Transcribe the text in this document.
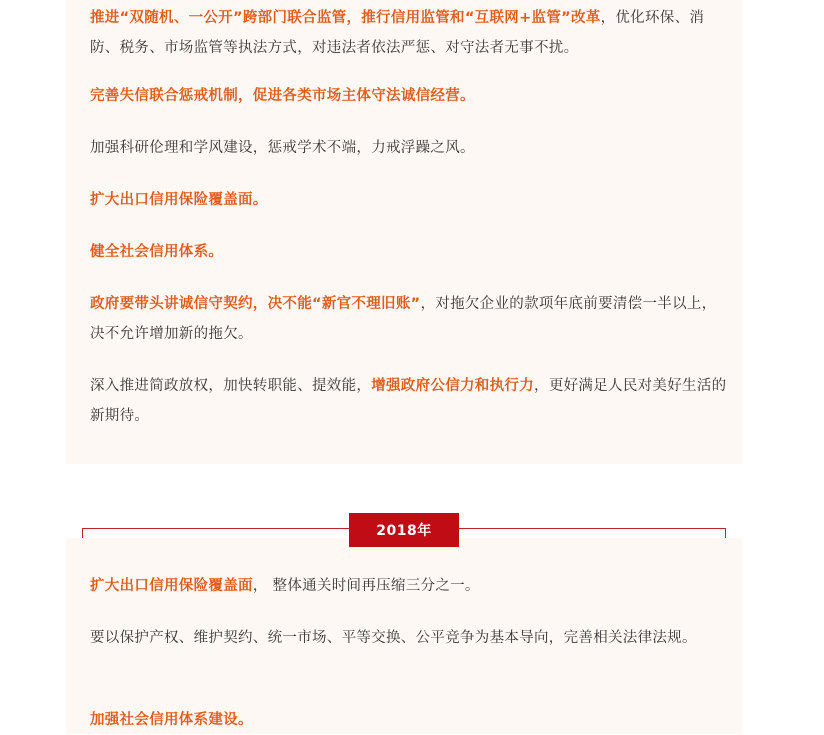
推进“双随机、一公开”跨部门联合监管，推行信用监管和“互联网+监管”改革，优化环保、消防、税务、市场监管等执法方式，对违法者依法严惩、对守法者无事不扰。
完善失信联合惩戒机制，促进各类市场主体守法诚信经营。
加强科研伦理和学风建设，惩戒学术不端，力戒浮躁之风。
扩大出口信用保险覆盖面。
健全社会信用体系。
政府要带头讲诚信守契约，决不能“新官不理旧账”，对拖欠企业的款项年底前要清偿一半以上，决不允许增加新的拖欠。
深入推进简政放权，加快转职能、提效能，增强政府公信力和执行力，更好满足人民对美好生活的新期待。
2018年
扩大出口信用保险覆盖面， 整体通关时间再压缩三分之一。
要以保护产权、维护契约、统一市场、平等交换、公平竞争为基本导向，完善相关法律法规。
加强社会信用体系建设。
